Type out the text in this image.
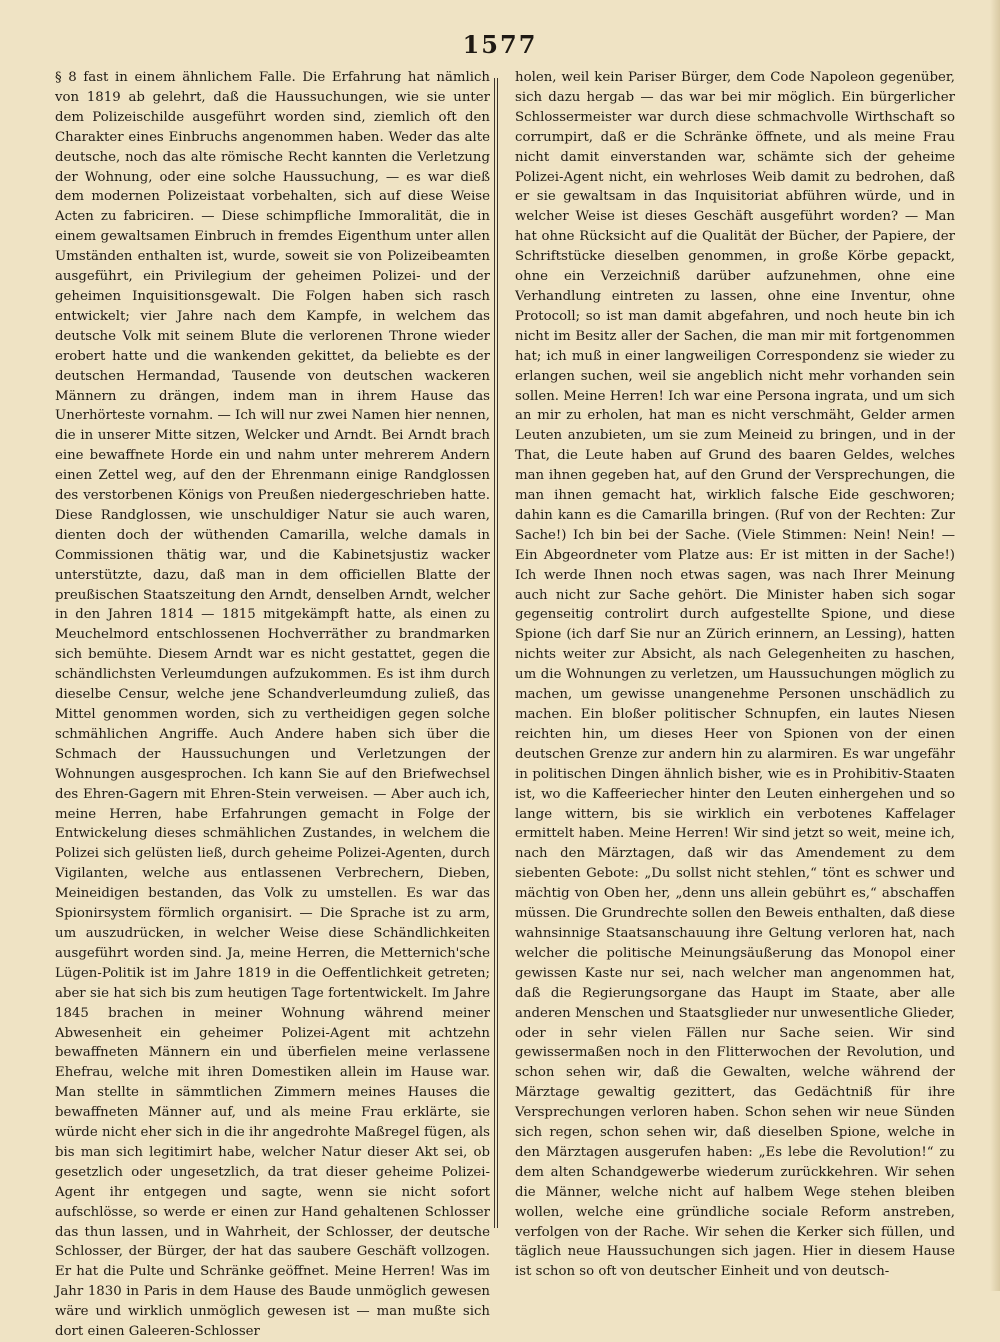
1577

§ 8 fast in einem ähnlichem Falle. Die Erfahrung hat nämlich von 1819 ab gelehrt, daß die Haussuchungen, wie sie unter dem Polizeischilde ausgeführt worden sind, ziemlich oft den Charakter eines Einbruchs angenommen haben. Weder das alte deutsche, noch das alte römische Recht kannten die Verletzung der Wohnung, oder eine solche Haussuchung, — es war dieß dem modernen Polizeistaat vorbehalten, sich auf diese Weise Acten zu fabriciren. — Diese schimpfliche Immoralität, die in einem gewaltsamen Einbruch in fremdes Eigenthum unter allen Umständen enthalten ist, wurde, soweit sie von Polizeibeamten ausgeführt, ein Privilegium der geheimen Polizei- und der geheimen Inquisitionsgewalt. Die Folgen haben sich rasch entwickelt; vier Jahre nach dem Kampfe, in welchem das deutsche Volk mit seinem Blute die verlorenen Throne wieder erobert hatte und die wankenden gekittet, da beliebte es der deutschen Hermandad, Tausende von deutschen wackeren Männern zu drängen, indem man in ihrem Hause das Unerhörteste vornahm. — Ich will nur zwei Namen hier nennen, die in unserer Mitte sitzen, Welcker und Arndt. Bei Arndt brach eine bewaffnete Horde ein und nahm unter mehrerem Andern einen Zettel weg, auf den der Ehrenmann einige Randglossen des verstorbenen Königs von Preußen niedergeschrieben hatte. Diese Randglossen, wie unschuldiger Natur sie auch waren, dienten doch der wüthenden Camarilla, welche damals in Commissionen thätig war, und die Kabinetsjustiz wacker unterstützte, dazu, daß man in dem officiellen Blatte der preußischen Staatszeitung den Arndt, denselben Arndt, welcher in den Jahren 1814 — 1815 mitgekämpft hatte, als einen zu Meuchelmord entschlossenen Hochverräther zu brandmarken sich bemühte. Diesem Arndt war es nicht gestattet, gegen die schändlichsten Verleumdungen aufzukommen. Es ist ihm durch dieselbe Censur, welche jene Schandverleumdung zuließ, das Mittel genommen worden, sich zu vertheidigen gegen solche schmählichen Angriffe. Auch Andere haben sich über die Schmach der Haussuchungen und Verletzungen der Wohnungen ausgesprochen. Ich kann Sie auf den Briefwechsel des Ehren-Gagern mit Ehren-Stein verweisen. — Aber auch ich, meine Herren, habe Erfahrungen gemacht in Folge der Entwickelung dieses schmählichen Zustandes, in welchem die Polizei sich gelüsten ließ, durch geheime Polizei-Agenten, durch Vigilanten, welche aus entlassenen Verbrechern, Dieben, Meineidigen bestanden, das Volk zu umstellen. Es war das Spionirsystem förmlich organisirt. — Die Sprache ist zu arm, um auszudrücken, in welcher Weise diese Schändlichkeiten ausgeführt worden sind. Ja, meine Herren, die Metternich'sche Lügen-Politik ist im Jahre 1819 in die Oeffentlichkeit getreten; aber sie hat sich bis zum heutigen Tage fortentwickelt. Im Jahre 1845 brachen in meiner Wohnung während meiner Abwesenheit ein geheimer Polizei-Agent mit achtzehn bewaffneten Männern ein und überfielen meine verlassene Ehefrau, welche mit ihren Domestiken allein im Hause war. Man stellte in sämmtlichen Zimmern meines Hauses die bewaffneten Männer auf, und als meine Frau erklärte, sie würde nicht eher sich in die ihr angedrohte Maßregel fügen, als bis man sich legitimirt habe, welcher Natur dieser Akt sei, ob gesetzlich oder ungesetzlich, da trat dieser geheime Polizei-Agent ihr entgegen und sagte, wenn sie nicht sofort aufschlösse, so werde er einen zur Hand gehaltenen Schlosser das thun lassen, und in Wahrheit, der Schlosser, der deutsche Schlosser, der Bürger, der hat das saubere Geschäft vollzogen. Er hat die Pulte und Schränke geöffnet. Meine Herren! Was im Jahr 1830 in Paris in dem Hause des Baude unmöglich gewesen wäre und wirklich unmöglich gewesen ist — man mußte sich dort einen Galeeren-Schlosser

holen, weil kein Pariser Bürger, dem Code Napoleon gegenüber, sich dazu hergab — das war bei mir möglich. Ein bürgerlicher Schlossermeister war durch diese schmachvolle Wirthschaft so corrumpirt, daß er die Schränke öffnete, und als meine Frau nicht damit einverstanden war, schämte sich der geheime Polizei-Agent nicht, ein wehrloses Weib damit zu bedrohen, daß er sie gewaltsam in das Inquisitoriat abführen würde, und in welcher Weise ist dieses Geschäft ausgeführt worden? — Man hat ohne Rücksicht auf die Qualität der Bücher, der Papiere, der Schriftstücke dieselben genommen, in große Körbe gepackt, ohne ein Verzeichniß darüber aufzunehmen, ohne eine Verhandlung eintreten zu lassen, ohne eine Inventur, ohne Protocoll; so ist man damit abgefahren, und noch heute bin ich nicht im Besitz aller der Sachen, die man mir mit fortgenommen hat; ich muß in einer langweiligen Correspondenz sie wieder zu erlangen suchen, weil sie angeblich nicht mehr vorhanden sein sollen. Meine Herren! Ich war eine Persona ingrata, und um sich an mir zu erholen, hat man es nicht verschmäht, Gelder armen Leuten anzubieten, um sie zum Meineid zu bringen, und in der That, die Leute haben auf Grund des baaren Geldes, welches man ihnen gegeben hat, auf den Grund der Versprechungen, die man ihnen gemacht hat, wirklich falsche Eide geschworen; dahin kann es die Camarilla bringen. (Ruf von der Rechten: Zur Sache!) Ich bin bei der Sache. (Viele Stimmen: Nein! Nein! — Ein Abgeordneter vom Platze aus: Er ist mitten in der Sache!) Ich werde Ihnen noch etwas sagen, was nach Ihrer Meinung auch nicht zur Sache gehört. Die Minister haben sich sogar gegenseitig controlirt durch aufgestellte Spione, und diese Spione (ich darf Sie nur an Zürich erinnern, an Lessing), hatten nichts weiter zur Absicht, als nach Gelegenheiten zu haschen, um die Wohnungen zu verletzen, um Haussuchungen möglich zu machen, um gewisse unangenehme Personen unschädlich zu machen. Ein bloßer politischer Schnupfen, ein lautes Niesen reichten hin, um dieses Heer von Spionen von der einen deutschen Grenze zur andern hin zu alarmiren. Es war ungefähr in politischen Dingen ähnlich bisher, wie es in Prohibitiv-Staaten ist, wo die Kaffeeriecher hinter den Leuten einhergehen und so lange wittern, bis sie wirklich ein verbotenes Kaffelager ermittelt haben. Meine Herren! Wir sind jetzt so weit, meine ich, nach den Märztagen, daß wir das Amendement zu dem siebenten Gebote: „Du sollst nicht stehlen,“ tönt es schwer und mächtig von Oben her, „denn uns allein gebührt es,“ abschaffen müssen. Die Grundrechte sollen den Beweis enthalten, daß diese wahnsinnige Staatsanschauung ihre Geltung verloren hat, nach welcher die politische Meinungsäußerung das Monopol einer gewissen Kaste nur sei, nach welcher man angenommen hat, daß die Regierungsorgane das Haupt im Staate, aber alle anderen Menschen und Staatsglieder nur unwesentliche Glieder, oder in sehr vielen Fällen nur Sache seien. Wir sind gewissermaßen noch in den Flitterwochen der Revolution, und schon sehen wir, daß die Gewalten, welche während der Märztage gewaltig gezittert, das Gedächtniß für ihre Versprechungen verloren haben. Schon sehen wir neue Sünden sich regen, schon sehen wir, daß dieselben Spione, welche in den Märztagen ausgerufen haben: „Es lebe die Revolution!“ zu dem alten Schandgewerbe wiederum zurückkehren. Wir sehen die Männer, welche nicht auf halbem Wege stehen bleiben wollen, welche eine gründliche sociale Reform anstreben, verfolgen von der Rache. Wir sehen die Kerker sich füllen, und täglich neue Haussuchungen sich jagen. Hier in diesem Hause ist schon so oft von deutscher Einheit und von deutsch-
